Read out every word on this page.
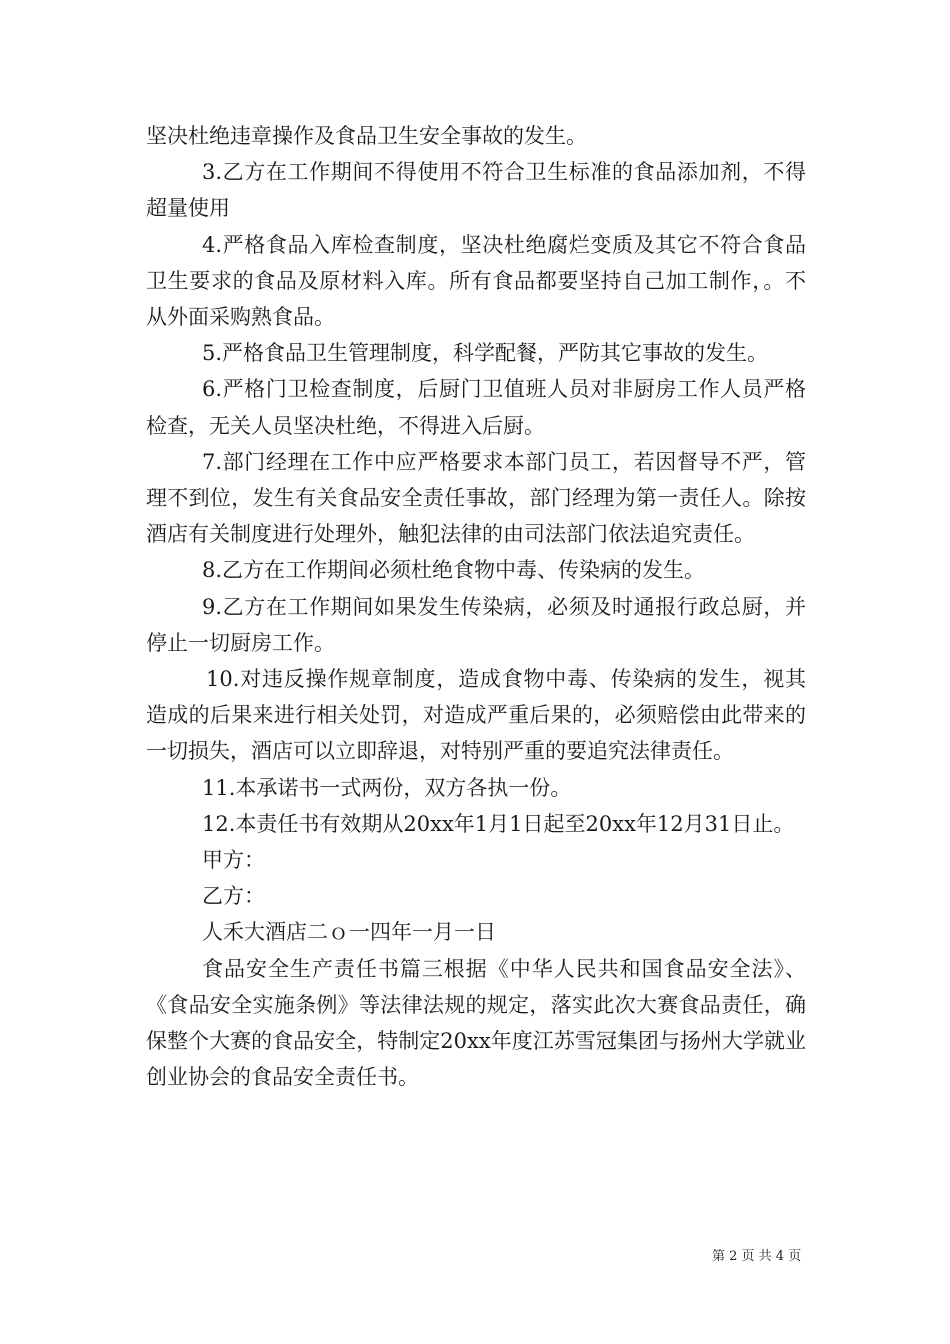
坚决杜绝违章操作及食品卫生安全事故的发生。

3.乙方在工作期间不得使用不符合卫生标准的食品添加剂，不得超量使用

4.严格食品入库检查制度，坚决杜绝腐烂变质及其它不符合食品卫生要求的食品及原材料入库。所有食品都要坚持自己加工制作，。不从外面采购熟食品。

5.严格食品卫生管理制度，科学配餐，严防其它事故的发生。

6.严格门卫检查制度，后厨门卫值班人员对非厨房工作人员严格检查，无关人员坚决杜绝，不得进入后厨。

7.部门经理在工作中应严格要求本部门员工，若因督导不严，管理不到位，发生有关食品安全责任事故，部门经理为第一责任人。除按酒店有关制度进行处理外，触犯法律的由司法部门依法追究责任。

8.乙方在工作期间必须杜绝食物中毒、传染病的发生。

9.乙方在工作期间如果发生传染病，必须及时通报行政总厨，并停止一切厨房工作。

10.对违反操作规章制度，造成食物中毒、传染病的发生，视其造成的后果来进行相关处罚，对造成严重后果的，必须赔偿由此带来的一切损失，酒店可以立即辞退，对特别严重的要追究法律责任。

11.本承诺书一式两份，双方各执一份。

12.本责任书有效期从20xx年1月1日起至20xx年12月31日止。

甲方：

乙方：

人禾大酒店二ｏ一四年一月一日

食品安全生产责任书篇三根据《中华人民共和国食品安全法》、《食品安全实施条例》等法律法规的规定，落实此次大赛食品责任，确保整个大赛的食品安全，特制定20xx年度江苏雪冠集团与扬州大学就业创业协会的食品安全责任书。

第 2 页 共 4 页
